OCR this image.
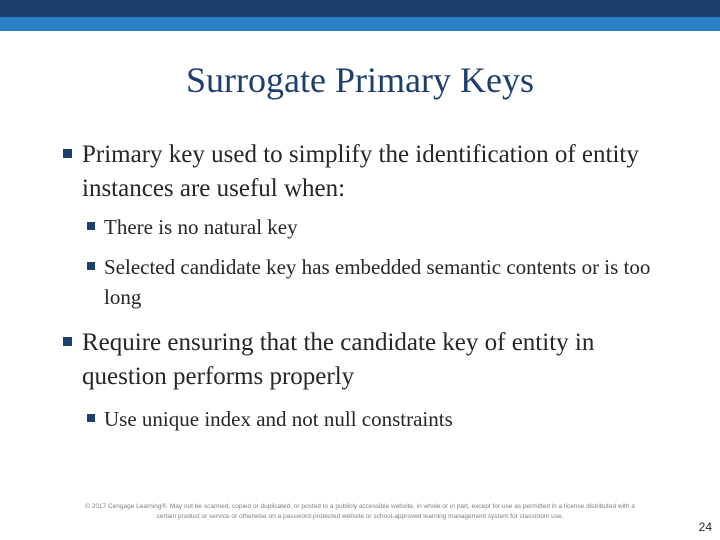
Surrogate Primary Keys
Primary key used to simplify the identification of entity instances are useful when:
There is no natural key
Selected candidate key has embedded semantic contents or is too long
Require ensuring that the candidate key of entity in question performs properly
Use unique index and not null constraints
© 2017 Cengage Learning®. May not be scanned, copied or duplicated, or posted to a publicly accessible website, in whole or in part, except for use as permitted in a license distributed with a
certain product or service or otherwise on a password-protected website or school-approved learning management system for classroom use.
24
